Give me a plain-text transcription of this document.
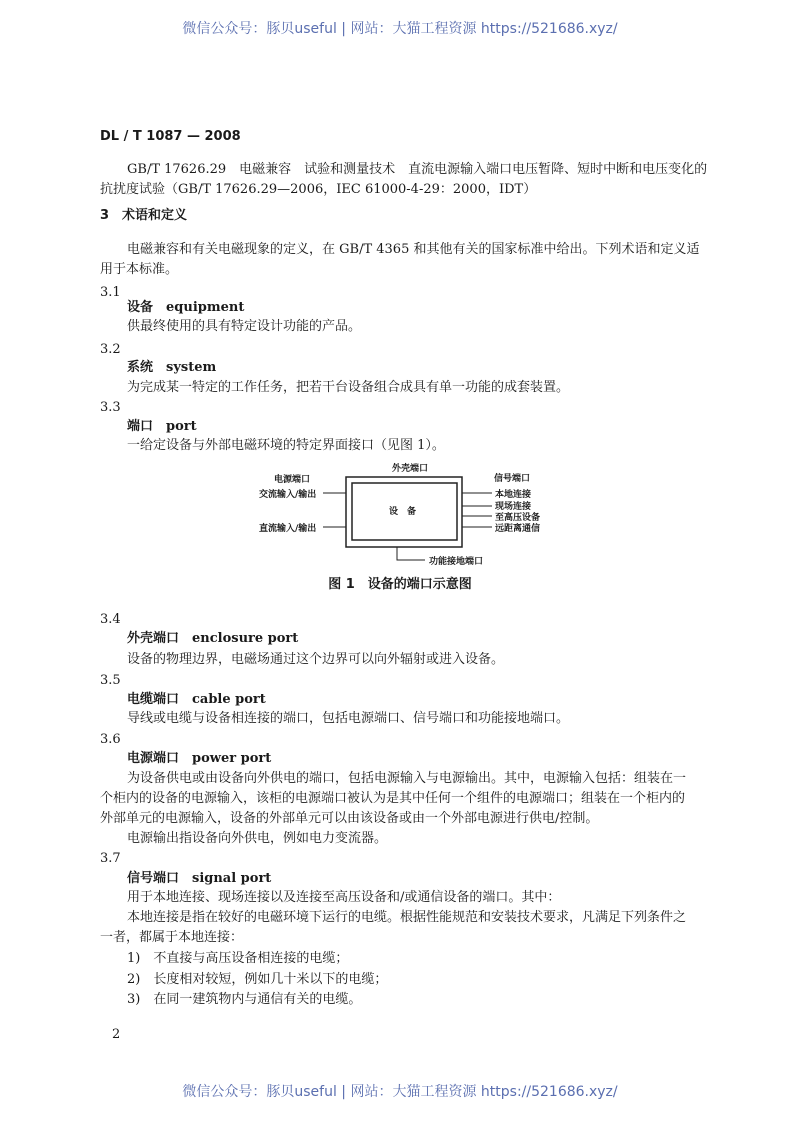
微信公众号：豚贝useful | 网站：大猫工程资源 https://521686.xyz/
DL / T 1087 — 2008
GB/T 17626.29　电磁兼容　试验和测量技术　直流电源输入端口电压暂降、短时中断和电压变化的
抗扰度试验（GB/T 17626.29—2006，IEC 61000-4-29：2000，IDT）
3　术语和定义
电磁兼容和有关电磁现象的定义，在 GB/T 4365 和其他有关的国家标准中给出。下列术语和定义适
用于本标准。
3.1
设备　equipment
供最终使用的具有特定设计功能的产品。
3.2
系统　system
为完成某一特定的工作任务，把若干台设备组合成具有单一功能的成套装置。
3.3
端口　port
一给定设备与外部电磁环境的特定界面接口（见图 1）。
电源端口
交流输入/输出
直流输入/输出
外壳端口
设　备
信号端口
本地连接
现场连接
至高压设备
远距离通信
功能接地端口
图 1　设备的端口示意图
3.4
外壳端口　enclosure port
设备的物理边界，电磁场通过这个边界可以向外辐射或进入设备。
3.5
电缆端口　cable port
导线或电缆与设备相连接的端口，包括电源端口、信号端口和功能接地端口。
3.6
电源端口　power port
为设备供电或由设备向外供电的端口，包括电源输入与电源输出。其中，电源输入包括：组装在一
个柜内的设备的电源输入，该柜的电源端口被认为是其中任何一个组件的电源端口；组装在一个柜内的
外部单元的电源输入，设备的外部单元可以由该设备或由一个外部电源进行供电/控制。
电源输出指设备向外供电，例如电力变流器。
3.7
信号端口　signal port
用于本地连接、现场连接以及连接至高压设备和/或通信设备的端口。其中：
本地连接是指在较好的电磁环境下运行的电缆。根据性能规范和安装技术要求，凡满足下列条件之
一者，都属于本地连接：
1)　不直接与高压设备相连接的电缆；
2)　长度相对较短，例如几十米以下的电缆；
3)　在同一建筑物内与通信有关的电缆。
2
微信公众号：豚贝useful | 网站：大猫工程资源 https://521686.xyz/
